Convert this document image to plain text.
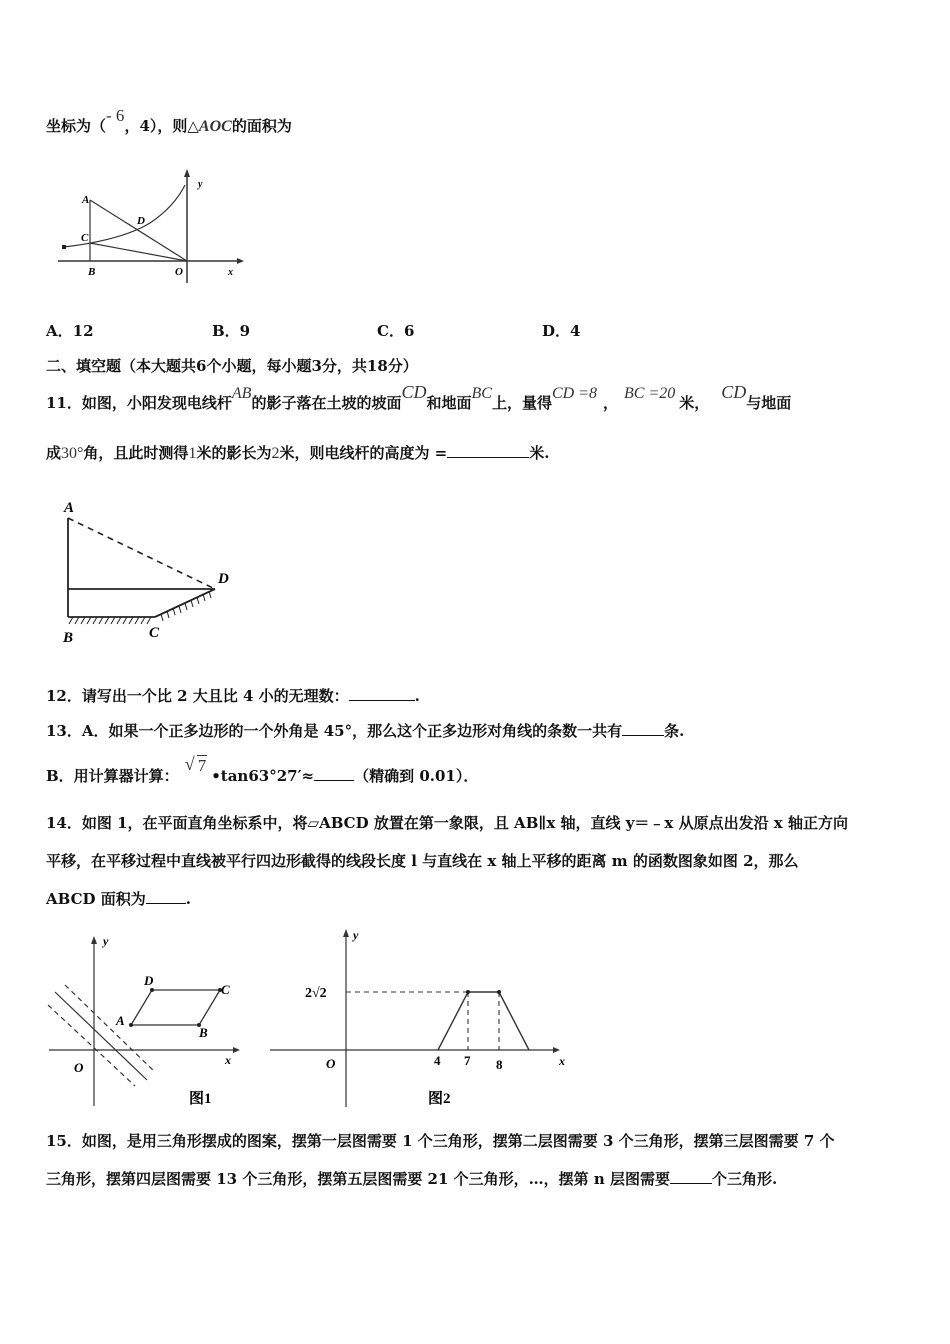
坐标为（- 6，4），则△AOC的面积为
A
C
D
B	O	x
y
A．12	B．9	C．6	D．4
二、填空题（本大题共6个小题，每小题3分，共18分）
11．如图，小阳发现电线杆AB的影子落在土坡的坡面CD和地面BC上，量得CD =8，BC =20米，CD与地面
成30°角，且此时测得1米的影长为2米，则电线杆的高度为 =	米.
A
B	C
D
12．请写出一个比 2 大且比 4 小的无理数：	.
13．A．如果一个正多边形的一个外角是 45°，那么这个正多边形对角线的条数一共有	条.
B．用计算器计算：√ 7•tan63°27′≈	（精确到 0.01）．
14．如图 1，在平面直角坐标系中，将▱ABCD 放置在第一象限，且 AB∥x 轴，直线 y＝﹣x 从原点出发沿 x 轴正方向
平移，在平移过程中直线被平行四边形截得的线段长度 l 与直线在 x 轴上平移的距离 m 的函数图象如图 2，那么
ABCD 面积为	.
A
B
C
D
O	x
y
图1
2√2
4 7 8
O	x
y
图2
15．如图，是用三角形摆成的图案，摆第一层图需要 1 个三角形，摆第二层图需要 3 个三角形，摆第三层图需要 7 个
三角形，摆第四层图需要 13 个三角形，摆第五层图需要 21 个三角形，…，摆第 n 层图需要	个三角形.
